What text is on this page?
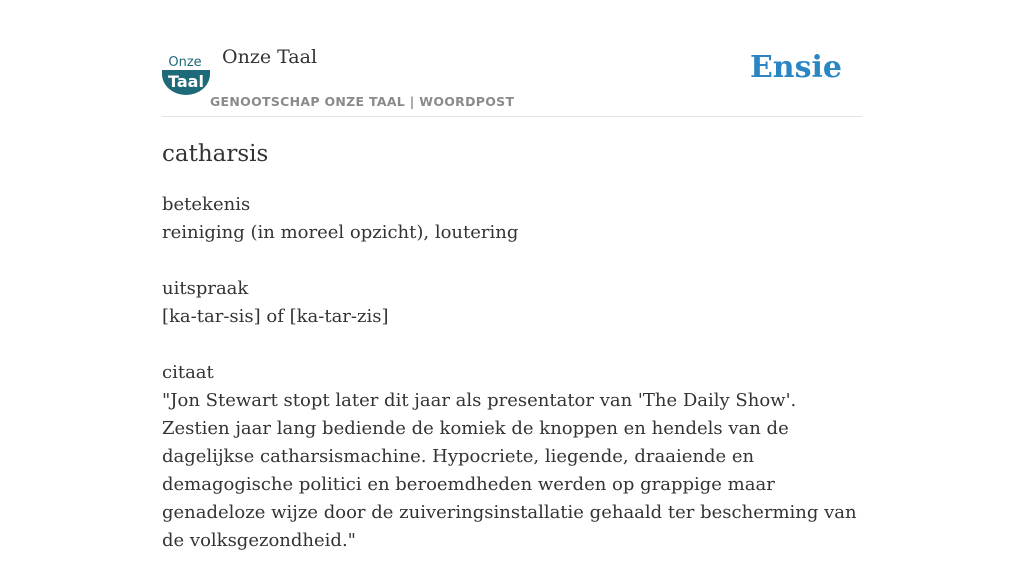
Onze
Taal
Onze Taal
GENOOTSCHAP ONZE TAAL | WOORDPOST
Ensie
catharsis
betekenis
reiniging (in moreel opzicht), loutering
uitspraak
[ka-tar-sis] of [ka-tar-zis]
citaat
"Jon Stewart stopt later dit jaar als presentator van 'The Daily Show'. Zestien jaar lang bediende de komiek de knoppen en hendels van de dagelijkse catharsismachine. Hypocriete, liegende, draaiende en demagogische politici en beroemdheden werden op grappige maar genadeloze wijze door de zuiveringsinstallatie gehaald ter bescherming van de volksgezondheid."
